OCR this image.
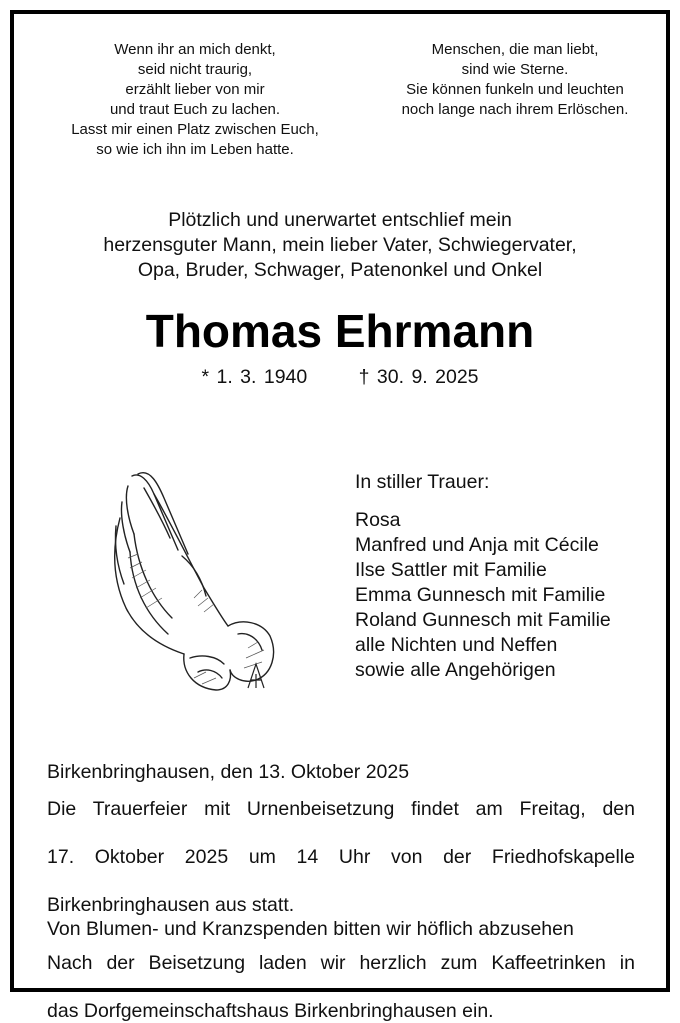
Wenn ihr an mich denkt,
seid nicht traurig,
erzählt lieber von mir
und traut Euch zu lachen.
Lasst mir einen Platz zwischen Euch,
so wie ich ihn im Leben hatte.
Menschen, die man liebt,
sind wie Sterne.
Sie können funkeln und leuchten
noch lange nach ihrem Erlöschen.
Plötzlich und unerwartet entschlief mein
herzensguter Mann, mein lieber Vater, Schwiegervater,
Opa, Bruder, Schwager, Patenonkel und Onkel
Thomas Ehrmann
* 1. 3. 1940	† 30. 9. 2025
In stiller Trauer:
Rosa
Manfred und Anja mit Cécile
Ilse Sattler mit Familie
Emma Gunnesch mit Familie
Roland Gunnesch mit Familie
alle Nichten und Neffen
sowie alle Angehörigen

Birkenbringhausen, den 13. Oktober 2025

Die Trauerfeier mit Urnenbeisetzung findet am Freitag, den

17. Oktober 2025 um 14 Uhr von der Friedhofskapelle

Birkenbringhausen aus statt.

Von Blumen- und Kranzspenden bitten wir höflich abzusehen

Nach der Beisetzung laden wir herzlich zum Kaffeetrinken in

das Dorfgemeinschaftshaus Birkenbringhausen ein.
